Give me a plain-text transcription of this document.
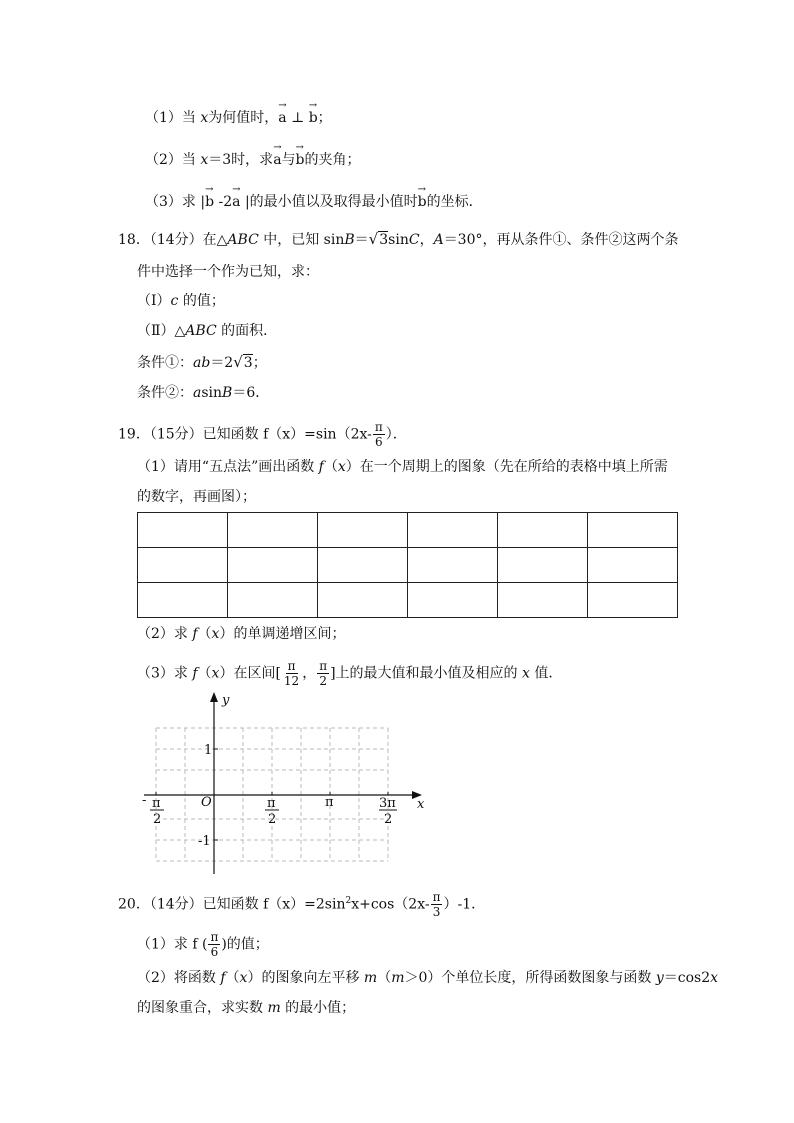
（1）当 x为何值时，→ a ⊥ → b；
（2）当 x＝3时，求→ a与→ b的夹角；
（3）求 |→ b -2→ a |的最小值以及取得最小值时→ b的坐标．
18．（14分）在△ABC 中，已知 sinB＝√3sinC，A＝30°，再从条件①、条件②这两个条
件中选择一个作为已知，求：
（Ⅰ）c 的值；
（Ⅱ）△ABC 的面积．
条件①：ab＝2√3；
条件②：asinB＝6．
19．（15分）已知函数 $f(x)=\sin(2x- \frac{\pi}{6}$ ）．
（1）请用“五点法”画出函数 f（x）在一个周期上的图象（先在所给的表格中填上所需
的数字，再画图）；

（2）求 f（x）的单调递增区间；
（3）求 f（x）在区间[ $\frac{\pi}{12}$ ， $\frac{\pi}{2}$ ]上的最大值和最小值及相应的 x 值．
y
x
O
1
-1
- π
2
π
2
π	3π
2
20．（14分）已知函数 $f(x)=2\sin^2x+\cos(2x- \frac{\pi}{3} )-1$．
（1）求 f ( $\frac{\pi}{6}$ )的值；
（2）将函数 f（x）的图象向左平移 m（m＞0）个单位长度，所得函数图象与函数 y＝cos2x
的图象重合，求实数 m 的最小值；
